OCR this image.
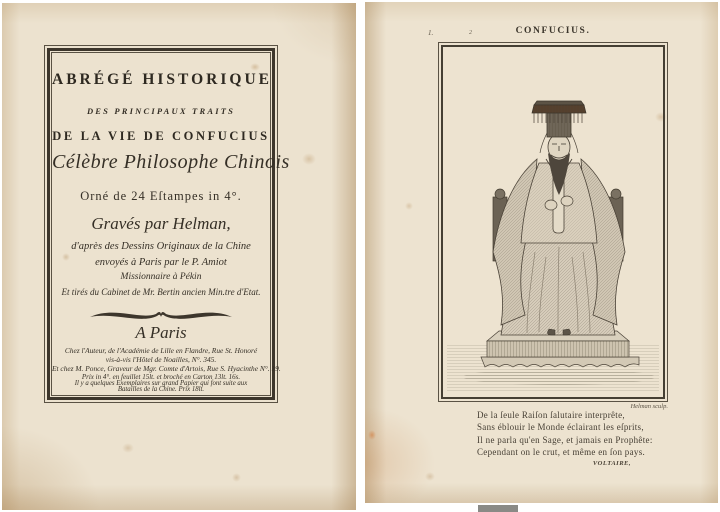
ABRÉGÉ HISTORIQUE
DES PRINCIPAUX TRAITS
DE LA VIE DE CONFUCIUS
Célèbre Philosophe Chinois
Orné de 24 Eſtampes in 4°.
Gravés par Helman,
d'après des Dessins Originaux de la Chine
envoyés à Paris par le P. Amiot
Missionnaire à Pékin
Et tirés du Cabinet de Mr. Bertin ancien Min.tre d'Etat.
A Paris
Chez l'Auteur, de l'Académie de Lille en Flandre, Rue St. Honoré
vis-à-vis l'Hôtel de Noailles, N°. 345.
Et chez M. Ponce, Graveur de Mgr. Comte d'Artois, Rue S. Hyacinthe N°. 19.
Prix in 4°. en feuillet 15lt. et broché en Carton 13lt. 16s.
Il y a quelques Exemplaires sur grand Papier qui font suite aux
Batailles de la Chine. Prix 18lt.
1.	2	CONFUCIUS.
Helman sculp.
De la ſeule Raiſon ſalutaire interprête,
Sans éblouir le Monde éclairant les eſprits,
Il ne parla qu'en Sage, et jamais en Prophête:
Cependant on le crut, et même en ſon pays.
VOLTAIRE,
